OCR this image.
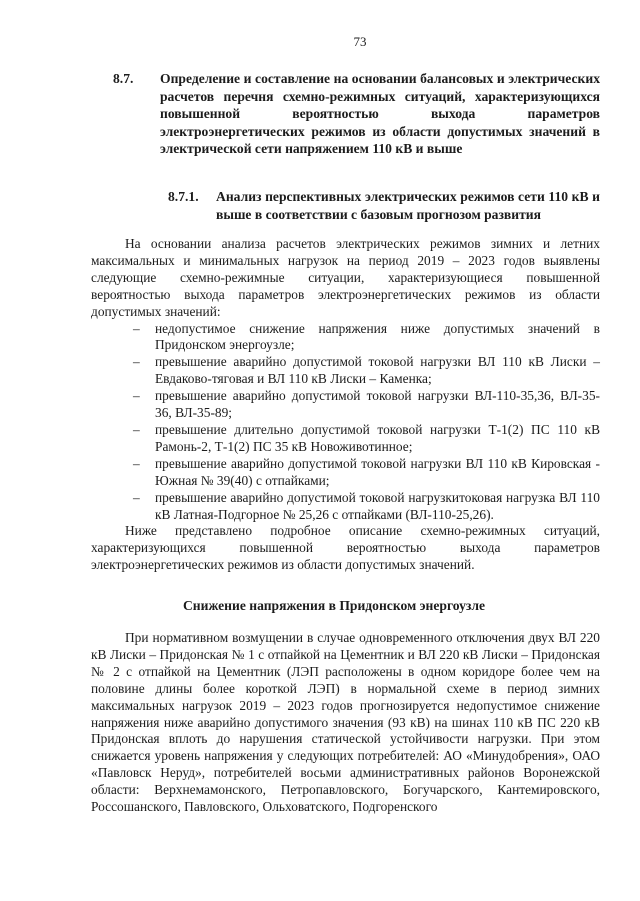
73
8.7. Определение и составление на основании балансовых и электрических расчетов перечня схемно-режимных ситуаций, характеризующихся повышенной вероятностью выхода параметров электроэнергетических режимов из области допустимых значений в электрической сети напряжением 110 кВ и выше
8.7.1. Анализ перспективных электрических режимов сети 110 кВ и выше в соответствии с базовым прогнозом развития

На основании анализа расчетов электрических режимов зимних и летних максимальных и минимальных нагрузок на период 2019 – 2023 годов выявлены следующие схемно-режимные ситуации, характеризующиеся повышенной вероятностью выхода параметров электроэнергетических режимов из области допустимых значений:

– недопустимое снижение напряжения ниже допустимых значений в Придонском энергоузле;
– превышение аварийно допустимой токовой нагрузки ВЛ 110 кВ Лиски – Евдаково-тяговая и ВЛ 110 кВ Лиски – Каменка;
– превышение аварийно допустимой токовой нагрузки ВЛ-110-35,36, ВЛ-35-36, ВЛ-35-89;
– превышение длительно допустимой токовой нагрузки Т-1(2) ПС 110 кВ Рамонь-2, Т-1(2) ПС 35 кВ Новоживотинное;
– превышение аварийно допустимой токовой нагрузки ВЛ 110 кВ Кировская - Южная № 39(40) с отпайками;
– превышение аварийно допустимой токовой нагрузкитоковая нагрузка ВЛ 110 кВ Латная-Подгорное № 25,26 с отпайками (ВЛ-110-25,26).

Ниже представлено подробное описание схемно-режимных ситуаций, характеризующихся повышенной вероятностью выхода параметров электроэнергетических режимов из области допустимых значений.

Снижение напряжения в Придонском энергоузле

При нормативном возмущении в случае одновременного отключения двух ВЛ 220 кВ Лиски – Придонская № 1 с отпайкой на Цементник и ВЛ 220 кВ Лиски – Придонская № 2 с отпайкой на Цементник (ЛЭП расположены в одном коридоре более чем на половине длины более короткой ЛЭП) в нормальной схеме в период зимних максимальных нагрузок 2019 – 2023 годов прогнозируется недопустимое снижение напряжения ниже аварийно допустимого значения (93 кВ) на шинах 110 кВ ПС 220 кВ Придонская вплоть до нарушения статической устойчивости нагрузки. При этом снижается уровень напряжения у следующих потребителей: АО «Минудобрения», ОАО «Павловск Неруд», потребителей восьми административных районов Воронежской области: Верхнемамонского, Петропавловского, Богучарского, Кантемировского, Россошанского, Павловского, Ольховатского, Подгоренского
